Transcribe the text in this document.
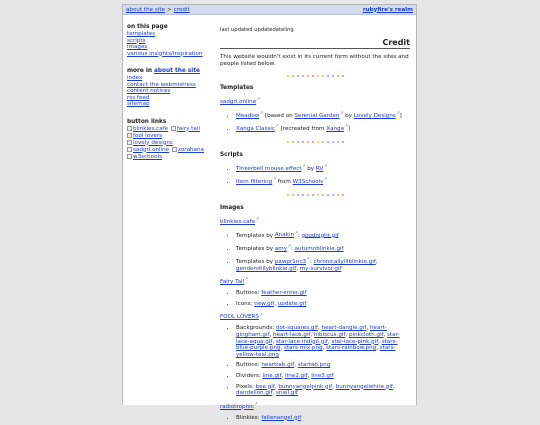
about the site > credit	rubyfire's realm
on this page
templates
scripts
images
various insights/inspiration
more in about the site
index
contact the webmistress
content notices
rss feed
sitemap
button links
blinkies.cafe fairy tail
fool lovers
lovely designs
sadgrl.online zorahana
w3schools
last updated updatedateling
Credit

This website wouldn't exist in its current form without the sites and people listed below.

Templates
sadgrl.online ↗
• Meadow ↗ [based on Serenial Garden ↗ by Lovely Designs ↗ ]
• Xanga Classic ↗ [recreated from Xanga ↗ ]
Scripts
• Tinkerbell mouse effect ↗ by RV ↗
• Item filtering ↗ from W3Schools ↗
Images
blinkies.cafe ↗
• Templates by Anakin ↗ : goodnight.gif
• Templates by amy ↗ : autumnblinkie.gif
• Templates by pawpr1nc3 ↗ : chronicallyillblinkie.gif, genderstillyblinkie.gif, my-survivor.gif
Fairy Tail ↗
• Buttons: feather-enter.gif
• Icons: new.gif, update.gif
FOOL LOVERS ↗
• Backgrounds: dot-squares.gif, heart-dangle.gif, heart-gingham.gif, heart-lace.gif, hibiscus.gif, pinkcloth.gif, star-lace-aqua.gif, star-lace-indigo.gif, star-lace-pink.gif, stars-blue-purple.png, stars-mix.png, stars-rainbow.png, stars-yellow-teal.png
• Buttons: hearttab.gif, startab.png
• Dividers: line.gif, line2.gif, line3.gif
• Pixels: bee.gif, bunnyangelpink.gif, bunnyangelwhite.gif, dandelion.gif, snail.gif
radiotrophic ↗
• Blinkies: fallenangel.gif
